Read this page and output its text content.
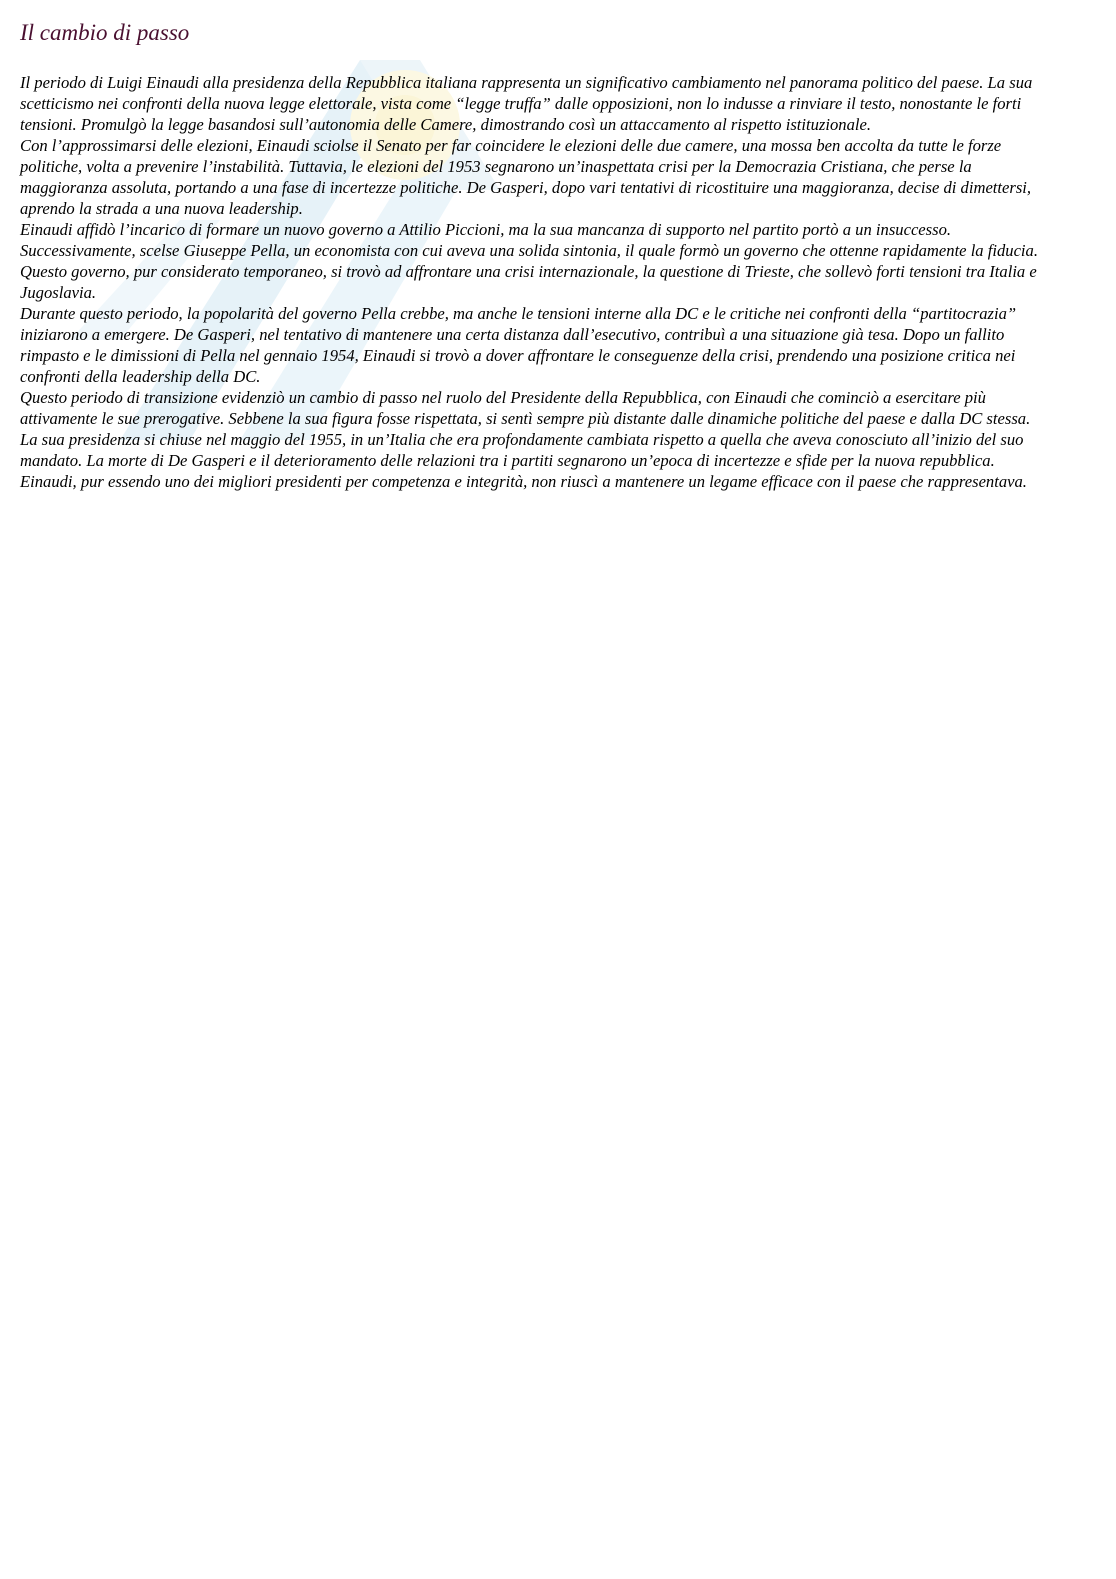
Il cambio di passo

Il periodo di Luigi Einaudi alla presidenza della Repubblica italiana rappresenta un significativo cambiamento nel panorama politico del paese. La sua scetticismo nei confronti della nuova legge elettorale, vista come “legge truffa” dalle opposizioni, non lo indusse a rinviare il testo, nonostante le forti tensioni. Promulgò la legge basandosi sull’autonomia delle Camere, dimostrando così un attaccamento al rispetto istituzionale.

Con l’approssimarsi delle elezioni, Einaudi sciolse il Senato per far coincidere le elezioni delle due camere, una mossa ben accolta da tutte le forze politiche, volta a prevenire l’instabilità. Tuttavia, le elezioni del 1953 segnarono un’inaspettata crisi per la Democrazia Cristiana, che perse la maggioranza assoluta, portando a una fase di incertezze politiche. De Gasperi, dopo vari tentativi di ricostituire una maggioranza, decise di dimettersi, aprendo la strada a una nuova leadership.

Einaudi affidò l’incarico di formare un nuovo governo a Attilio Piccioni, ma la sua mancanza di supporto nel partito portò a un insuccesso. Successivamente, scelse Giuseppe Pella, un economista con cui aveva una solida sintonia, il quale formò un governo che ottenne rapidamente la fiducia. Questo governo, pur considerato temporaneo, si trovò ad affrontare una crisi internazionale, la questione di Trieste, che sollevò forti tensioni tra Italia e Jugoslavia.

Durante questo periodo, la popolarità del governo Pella crebbe, ma anche le tensioni interne alla DC e le critiche nei confronti della “partitocrazia” iniziarono a emergere. De Gasperi, nel tentativo di mantenere una certa distanza dall’esecutivo, contribuì a una situazione già tesa. Dopo un fallito rimpasto e le dimissioni di Pella nel gennaio 1954, Einaudi si trovò a dover affrontare le conseguenze della crisi, prendendo una posizione critica nei confronti della leadership della DC.

Questo periodo di transizione evidenziò un cambio di passo nel ruolo del Presidente della Repubblica, con Einaudi che cominciò a esercitare più attivamente le sue prerogative. Sebbene la sua figura fosse rispettata, si sentì sempre più distante dalle dinamiche politiche del paese e dalla DC stessa. La sua presidenza si chiuse nel maggio del 1955, in un’Italia che era profondamente cambiata rispetto a quella che aveva conosciuto all’inizio del suo mandato. La morte di De Gasperi e il deterioramento delle relazioni tra i partiti segnarono un’epoca di incertezze e sfide per la nuova repubblica. Einaudi, pur essendo uno dei migliori presidenti per competenza e integrità, non riuscì a mantenere un legame efficace con il paese che rappresentava.
